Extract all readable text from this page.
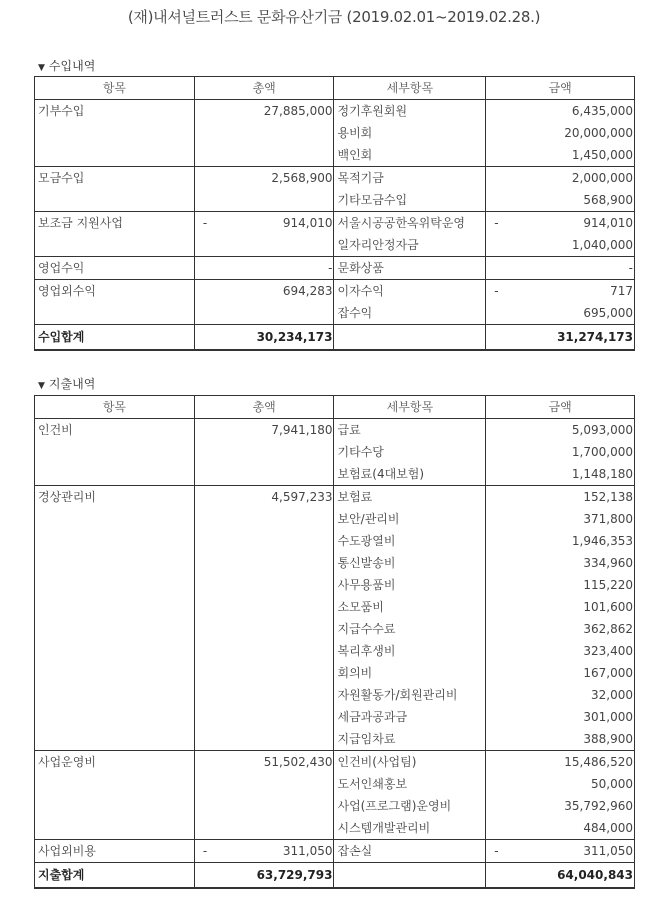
(재)내셔널트러스트 문화유산기금 (2019.02.01~2019.02.28.)
▼ 수입내역
항목	총액	세부항목	금액
기부수입	27,885,000	정기후원회원	6,435,000
		용비회	20,000,000
		백인회	1,450,000
모금수입	2,568,900	목적기금	2,000,000
		기타모금수입	568,900
보조금 지원사업	- 914,010	서울시공공한옥위탁운영	- 914,010
		일자리안정자금	1,040,000
영업수익	-	문화상품	-
영업외수익	694,283	이자수익	- 717
		잡수익	695,000
수입합계	30,234,173		31,274,173
▼ 지출내역
항목	총액	세부항목	금액
인건비	7,941,180	급료	5,093,000
		기타수당	1,700,000
		보험료(4대보험)	1,148,180
경상관리비	4,597,233	보험료	152,138
		보안/관리비	371,800
		수도광열비	1,946,353
		통신발송비	334,960
		사무용품비	115,220
		소모품비	101,600
		지급수수료	362,862
		복리후생비	323,400
		회의비	167,000
		자원활동가/회원관리비	32,000
		세금과공과금	301,000
		지급임차료	388,900
사업운영비	51,502,430	인건비(사업팀)	15,486,520
		도서인쇄홍보	50,000
		사업(프로그램)운영비	35,792,960
		시스템개발관리비	484,000
사업외비용	- 311,050	잡손실	- 311,050
지출합계	63,729,793		64,040,843
